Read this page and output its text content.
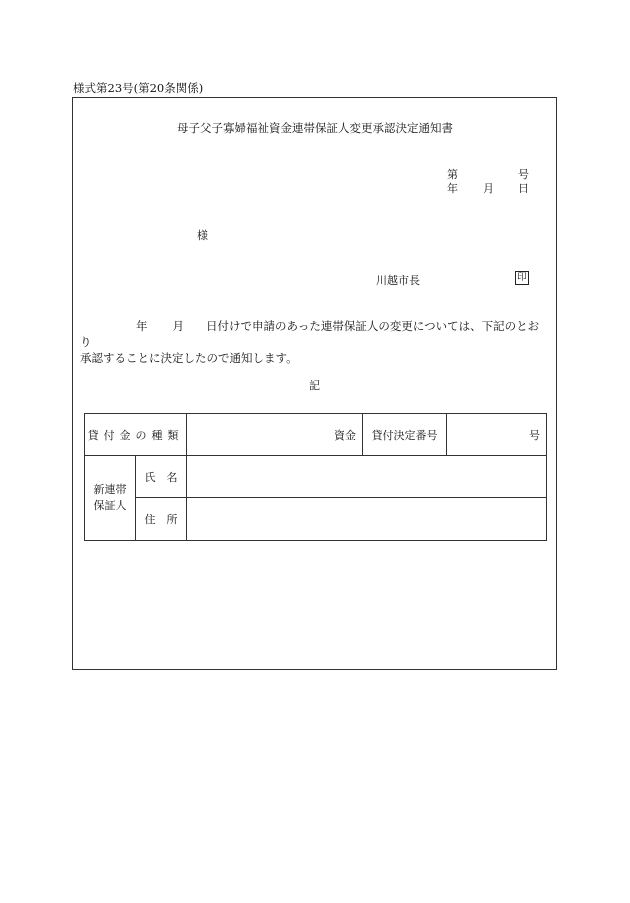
様式第23号(第20条関係)
母子父子寡婦福祉資金連帯保証人変更承認決定通知書
第	号
年 月 日
様
川越市長	印
年 月 日付けで申請のあった連帯保証人の変更については、下記のとおり
承認することに決定したので通知します。
記
貸付金の種類		資金	貸付決定番号	号

新連帯
保証人	氏　名			
	住　所			
